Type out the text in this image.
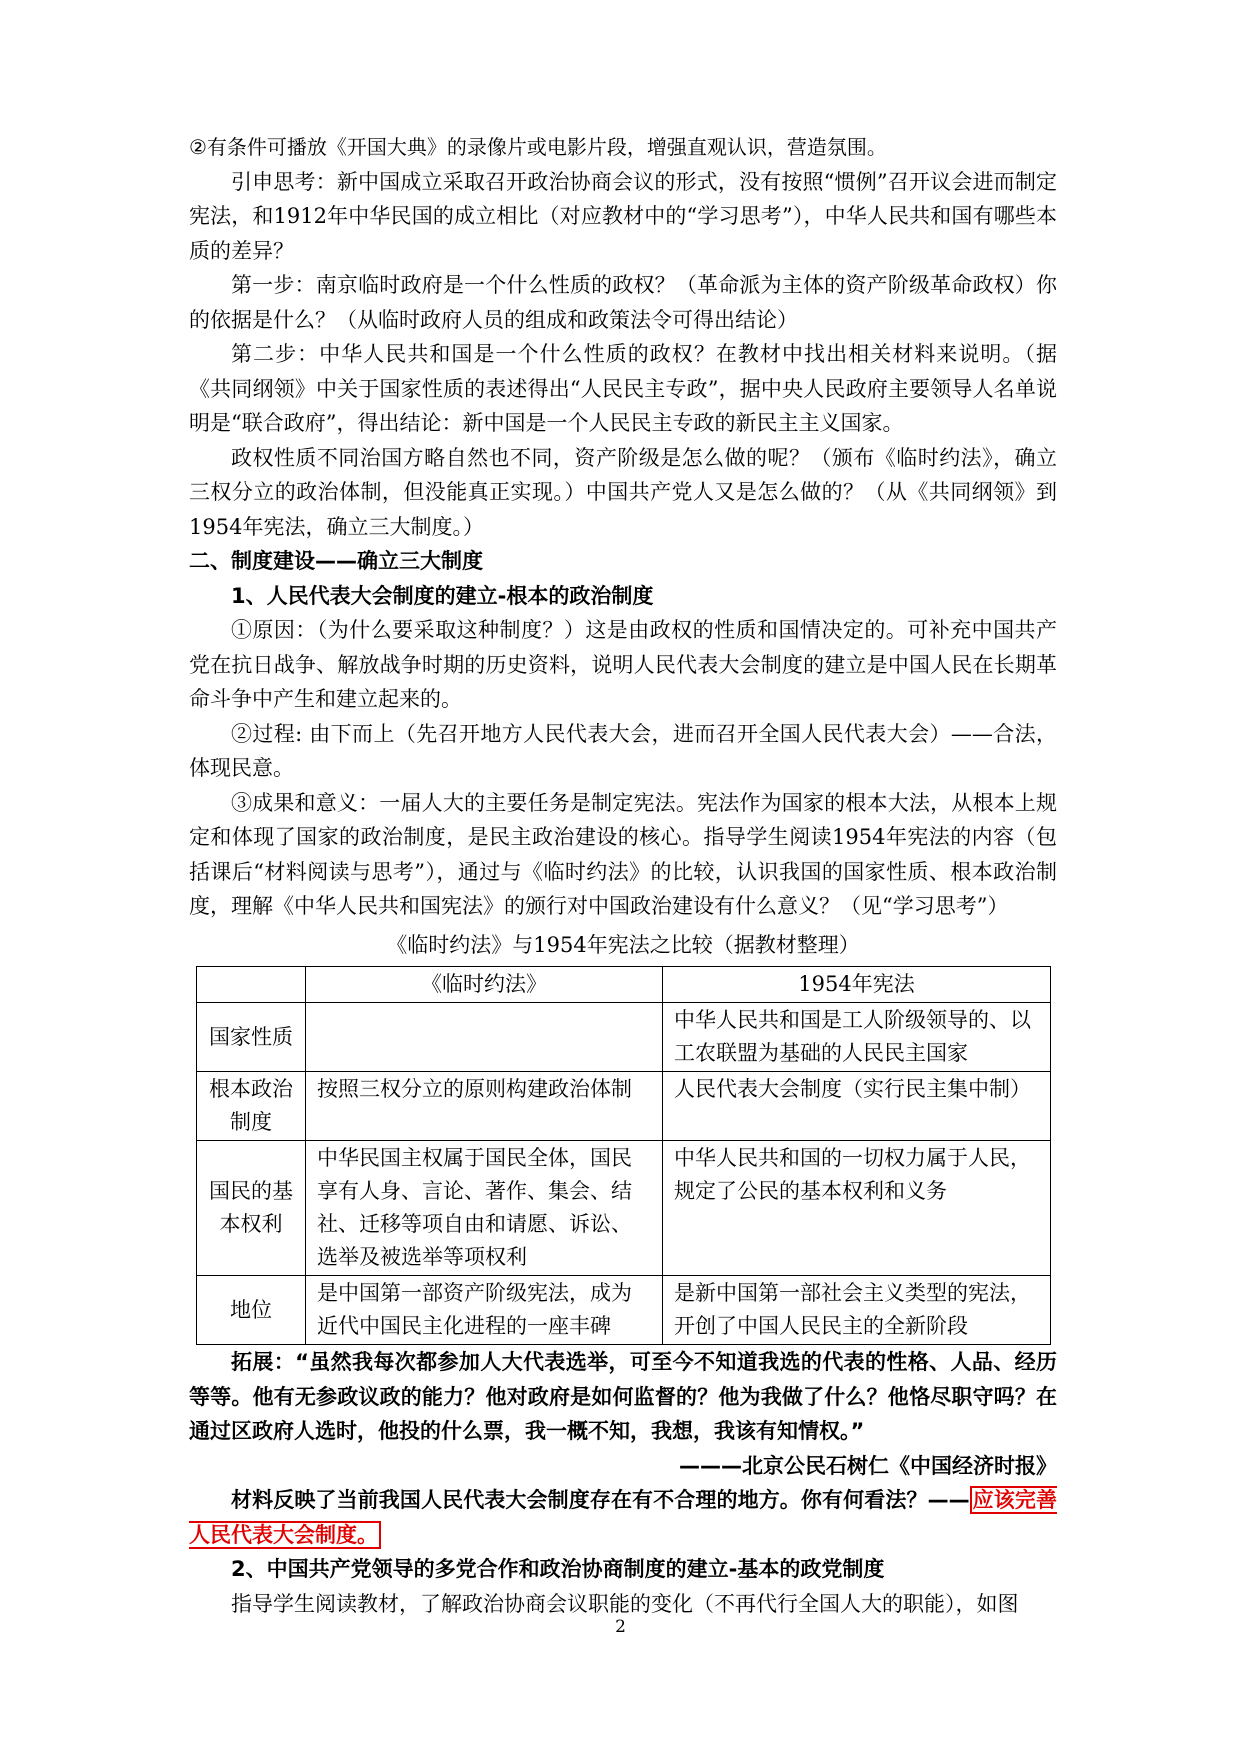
②有条件可播放《开国大典》的录像片或电影片段，增强直观认识，营造氛围。

引申思考：新中国成立采取召开政治协商会议的形式，没有按照“惯例”召开议会进而制定宪法，和1912年中华民国的成立相比（对应教材中的“学习思考”），中华人民共和国有哪些本质的差异？

第一步：南京临时政府是一个什么性质的政权？（革命派为主体的资产阶级革命政权）你的依据是什么？（从临时政府人员的组成和政策法令可得出结论）

第二步：中华人民共和国是一个什么性质的政权？在教材中找出相关材料来说明。（据《共同纲领》中关于国家性质的表述得出“人民民主专政”，据中央人民政府主要领导人名单说明是“联合政府”，得出结论：新中国是一个人民民主专政的新民主主义国家。

政权性质不同治国方略自然也不同，资产阶级是怎么做的呢？（颁布《临时约法》，确立三权分立的政治体制，但没能真正实现。）中国共产党人又是怎么做的？（从《共同纲领》到1954年宪法，确立三大制度。）

二、制度建设——确立三大制度

1、人民代表大会制度的建立-根本的政治制度

①原因：（为什么要采取这种制度？）这是由政权的性质和国情决定的。可补充中国共产党在抗日战争、解放战争时期的历史资料，说明人民代表大会制度的建立是中国人民在长期革命斗争中产生和建立起来的。

②过程: 由下而上（先召开地方人民代表大会，进而召开全国人民代表大会）——合法，体现民意。

③成果和意义：一届人大的主要任务是制定宪法。宪法作为国家的根本大法，从根本上规定和体现了国家的政治制度，是民主政治建设的核心。指导学生阅读1954年宪法的内容（包括课后“材料阅读与思考”），通过与《临时约法》的比较，认识我国的国家性质、根本政治制度，理解《中华人民共和国宪法》的颁行对中国政治建设有什么意义？（见“学习思考”）

《临时约法》与1954年宪法之比较（据教材整理）

	《临时约法》	1954年宪法
国家性质		中华人民共和国是工人阶级领导的、以工农联盟为基础的人民民主国家
根本政治制度	按照三权分立的原则构建政治体制	人民代表大会制度（实行民主集中制）
国民的基本权利	中华民国主权属于国民全体，国民享有人身、言论、著作、集会、结社、迁移等项自由和请愿、诉讼、选举及被选举等项权利	中华人民共和国的一切权力属于人民，规定了公民的基本权利和义务
地位	是中国第一部资产阶级宪法，成为近代中国民主化进程的一座丰碑	是新中国第一部社会主义类型的宪法，开创了中国人民民主的全新阶段

拓展：“虽然我每次都参加人大代表选举，可至今不知道我选的代表的性格、人品、经历等等。他有无参政议政的能力？他对政府是如何监督的？他为我做了什么？他恪尽职守吗？在通过区政府人选时，他投的什么票，我一概不知，我想，我该有知情权。”

———北京公民石树仁《中国经济时报》

材料反映了当前我国人民代表大会制度存在有不合理的地方。你有何看法？—— 应该完善人民代表大会制度。

2、中国共产党领导的多党合作和政治协商制度的建立-基本的政党制度

指导学生阅读教材，了解政治协商会议职能的变化（不再代行全国人大的职能），如图

2
